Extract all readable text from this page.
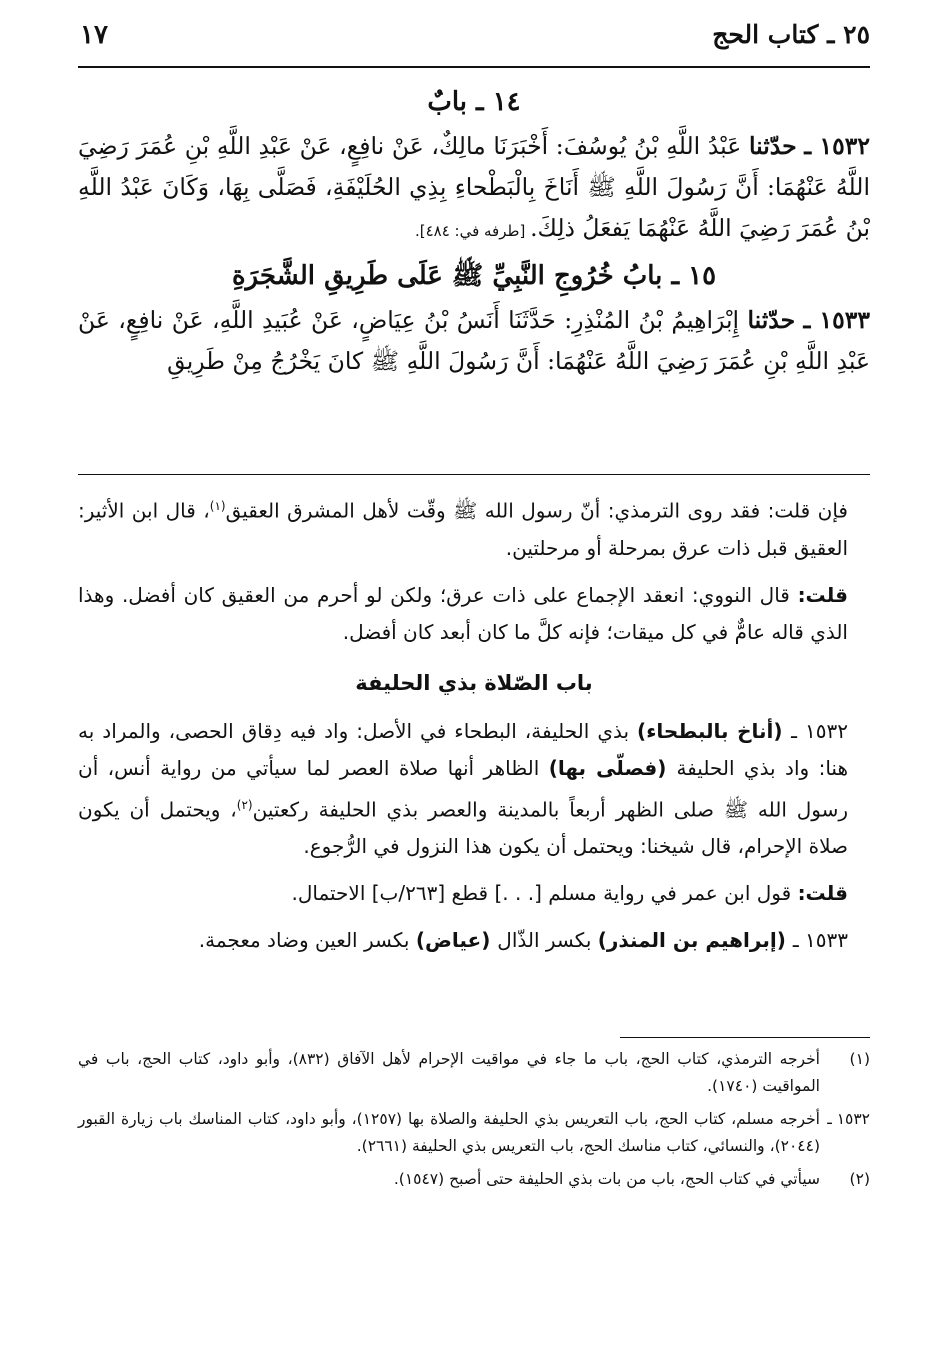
٢٥ ـ كتاب الحج
١٧
١٤ ـ بابٌ

١٥٣٢ ـ حدّثنا عَبْدُ اللَّهِ بْنُ يُوسُفَ: أَخْبَرَنَا مالِكٌ، عَنْ نافِعٍ، عَنْ عَبْدِ اللَّهِ بْنِ عُمَرَ رَضِيَ اللَّهُ عَنْهُمَا: أَنَّ رَسُولَ اللَّهِ ﷺ أَنَاخَ بِالْبَطْحاءِ بِذِي الحُلَيْفَةِ، فَصَلَّى بِهَا، وَكَانَ عَبْدُ اللَّهِ بْنُ عُمَرَ رَضِيَ اللَّهُ عَنْهُمَا يَفعَلُ ذلِكَ. [طرفه في: ٤٨٤].

١٥ ـ بابُ خُرُوجِ النَّبِيِّ ﷺ عَلَى طَرِيقِ الشَّجَرَةِ

١٥٣٣ ـ حدّثنا إِبْرَاهِيمُ بْنُ المُنْذِرِ: حَدَّثَنَا أَنَسُ بْنُ عِيَاضٍ، عَنْ عُبَيدِ اللَّهِ، عَنْ نافِعٍ، عَنْ عَبْدِ اللَّهِ بْنِ عُمَرَ رَضِيَ اللَّهُ عَنْهُمَا: أَنَّ رَسُولَ اللَّهِ ﷺ كانَ يَخْرُجُ مِنْ طَرِيقِ

فإن قلت: فقد روى الترمذي: أنّ رسول الله ﷺ وقّت لأهل المشرق العقيق$^{(١)}$، قال ابن الأثير: العقيق قبل ذات عرق بمرحلة أو مرحلتين.

قلت: قال النووي: انعقد الإجماع على ذات عرق؛ ولكن لو أحرم من العقيق كان أفضل. وهذا الذي قاله عامٌّ في كل ميقات؛ فإنه كلَّ ما كان أبعد كان أفضل.

باب الصّلاة بذي الحليفة

١٥٣٢ ـ (أناخ بالبطحاء) بذي الحليفة، البطحاء في الأصل: واد فيه دِقاق الحصى، والمراد به هنا: واد بذي الحليفة (فصلّى بها) الظاهر أنها صلاة العصر لما سيأتي من رواية أنس، أن رسول الله ﷺ صلى الظهر أربعاً بالمدينة والعصر بذي الحليفة ركعتين$^{(٢)}$، ويحتمل أن يكون صلاة الإحرام، قال شيخنا: ويحتمل أن يكون هذا النزول في الرُّجوع.

قلت: قول ابن عمر في رواية مسلم [. . .] قطع [٢٦٣/ب] الاحتمال.

١٥٣٣ ـ (إبراهيم بن المنذر) بكسر الذّال (عياض) بكسر العين وضاد معجمة.

(١)
أخرجه الترمذي، كتاب الحج، باب ما جاء في مواقيت الإحرام لأهل الآفاق (٨٣٢)، وأبو داود، كتاب الحج، باب في المواقيت (١٧٤٠).
١٥٣٢ ـ
أخرجه مسلم، كتاب الحج، باب التعريس بذي الحليفة والصلاة بها (١٢٥٧)، وأبو داود، كتاب المناسك باب زيارة القبور (٢٠٤٤)، والنسائي، كتاب مناسك الحج، باب التعريس بذي الحليفة (٢٦٦١).
(٢)
سيأتي في كتاب الحج، باب من بات بذي الحليفة حتى أصبح (١٥٤٧).
